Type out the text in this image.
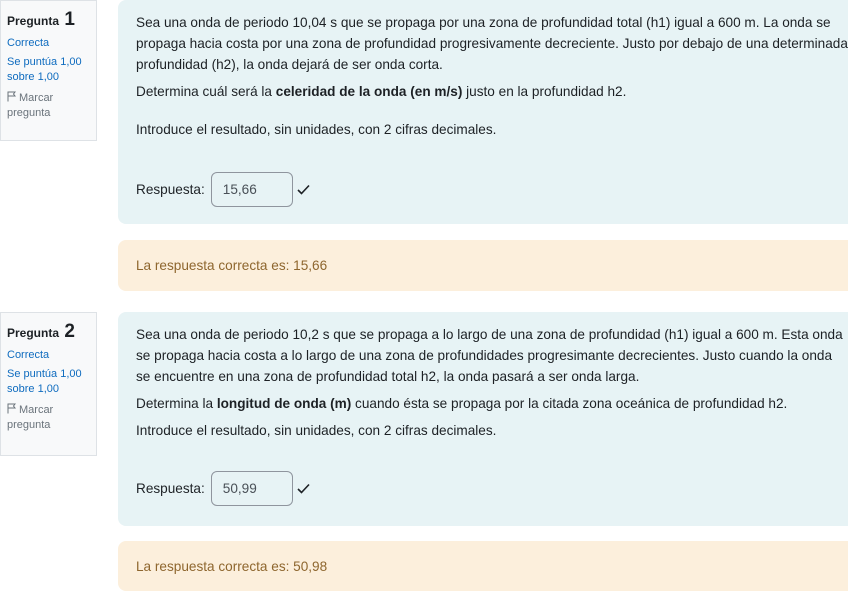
Pregunta 1
Correcta
Se puntúa 1,00 sobre 1,00
Marcar pregunta

Sea una onda de periodo 10,04 s que se propaga por una zona de profundidad total (h1) igual a 600 m. La onda se propaga hacia costa por una zona de profundidad progresivamente decreciente. Justo por debajo de una determinada profundidad (h2), la onda dejará de ser onda corta.

Determina cuál será la celeridad de la onda (en m/s) justo en la profundidad h2.

Introduce el resultado, sin unidades, con 2 cifras decimales.

Respuesta: 15,66
La respuesta correcta es: 15,66
Pregunta 2
Correcta
Se puntúa 1,00 sobre 1,00
Marcar pregunta

Sea una onda de periodo 10,2 s que se propaga a lo largo de una zona de profundidad (h1) igual a 600 m. Esta onda se propaga hacia costa a lo largo de una zona de profundidades progresimante decrecientes. Justo cuando la onda se encuentre en una zona de profundidad total h2, la onda pasará a ser onda larga.

Determina la longitud de onda (m) cuando ésta se propaga por la citada zona oceánica de profundidad h2.

Introduce el resultado, sin unidades, con 2 cifras decimales.

Respuesta: 50,99
La respuesta correcta es: 50,98
